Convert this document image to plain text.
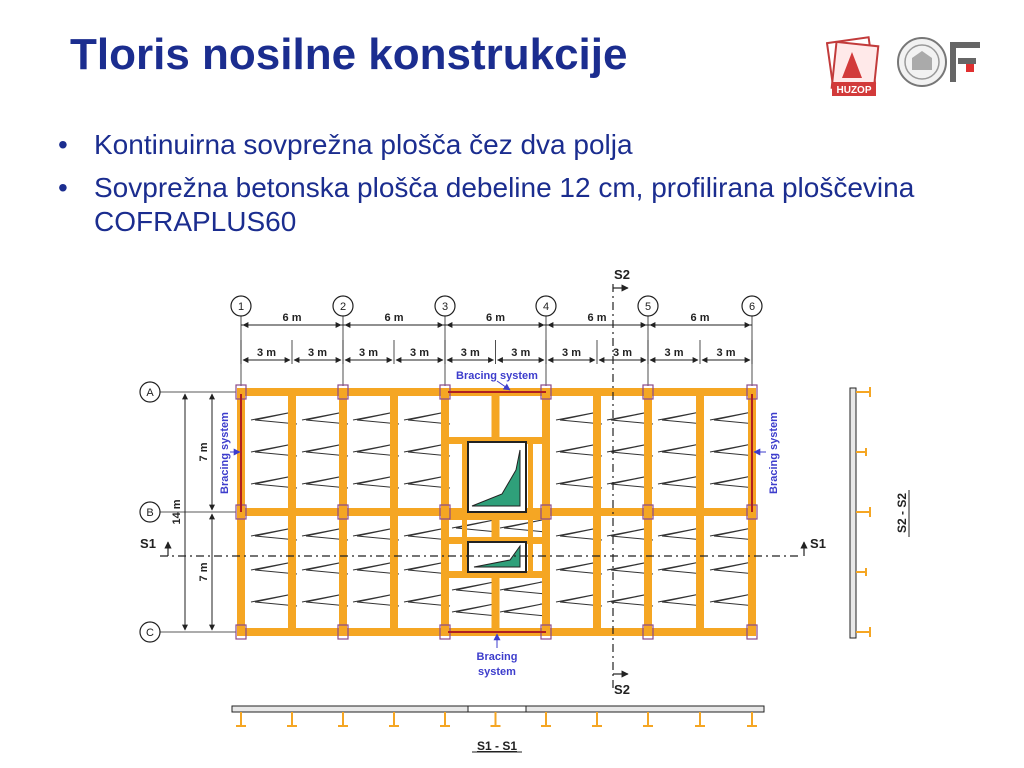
Tloris nosilne konstrukcije
HUZOP
• Kontinuirna sovprežna plošča čez dva polja
• Sovprežna betonska plošča debeline 12 cm, profilirana ploščevina COFRAPLUS60
1	2	3	4	5	6
6 m	6 m	6 m	6 m	6 m
3 m	3 m	3 m	3 m	3 m	3 m	3 m	3 m	3 m	3 m
A
B
C
14 m
7 m
7 m
S2
S2
S1	S1
Bracing system
Bracing system	Bracing system
Bracing
system
S1 - S1
S2 - S2
